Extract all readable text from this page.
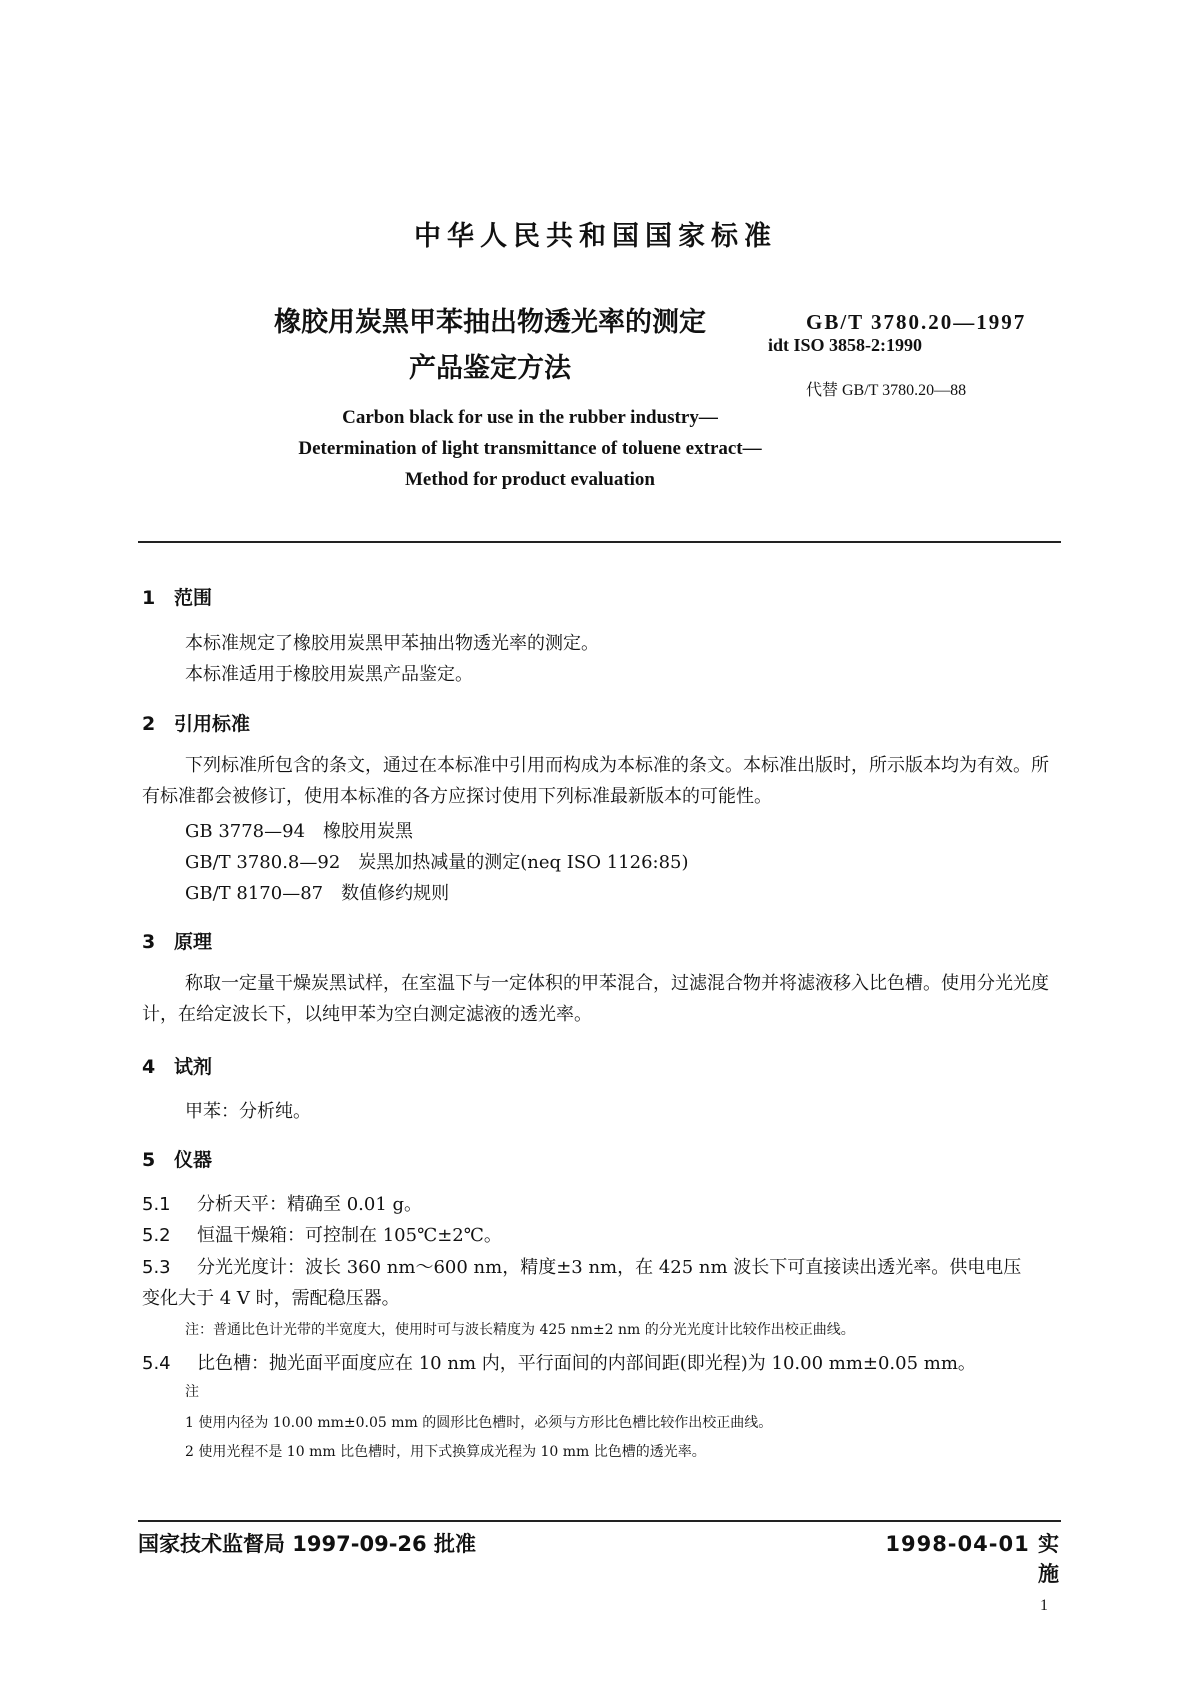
中华人民共和国国家标准
橡胶用炭黑甲苯抽出物透光率的测定
产品鉴定方法
GB/T 3780.20—1997
idt ISO 3858-2:1990
代替 GB/T 3780.20—88
Carbon black for use in the rubber industry—
Determination of light transmittance of toluene extract—
Method for product evaluation
1 范围
本标准规定了橡胶用炭黑甲苯抽出物透光率的测定。
本标准适用于橡胶用炭黑产品鉴定。
2 引用标准
下列标准所包含的条文，通过在本标准中引用而构成为本标准的条文。本标准出版时，所示版本均为有效。所有标准都会被修订，使用本标准的各方应探讨使用下列标准最新版本的可能性。
GB 3778—94　橡胶用炭黑
GB/T 3780.8—92　炭黑加热减量的测定(neq ISO 1126:85)
GB/T 8170—87　数值修约规则
3 原理
称取一定量干燥炭黑试样，在室温下与一定体积的甲苯混合，过滤混合物并将滤液移入比色槽。使用分光光度计，在给定波长下，以纯甲苯为空白测定滤液的透光率。
4 试剂
甲苯：分析纯。
5 仪器
5.1 分析天平：精确至 0.01 g。
5.2 恒温干燥箱：可控制在 105℃±2℃。
5.3 分光光度计：波长 360 nm～600 nm，精度±3 nm，在 425 nm 波长下可直接读出透光率。供电电压
变化大于 4 V 时，需配稳压器。
注：普通比色计光带的半宽度大，使用时可与波长精度为 425 nm±2 nm 的分光光度计比较作出校正曲线。
5.4 比色槽：抛光面平面度应在 10 nm 内，平行面间的内部间距(即光程)为 10.00 mm±0.05 mm。
注
1 使用内径为 10.00 mm±0.05 mm 的圆形比色槽时，必须与方形比色槽比较作出校正曲线。
2 使用光程不是 10 mm 比色槽时，用下式换算成光程为 10 mm 比色槽的透光率。
国家技术监督局 1997-09-26 批准	1998-04-01 实施
1
